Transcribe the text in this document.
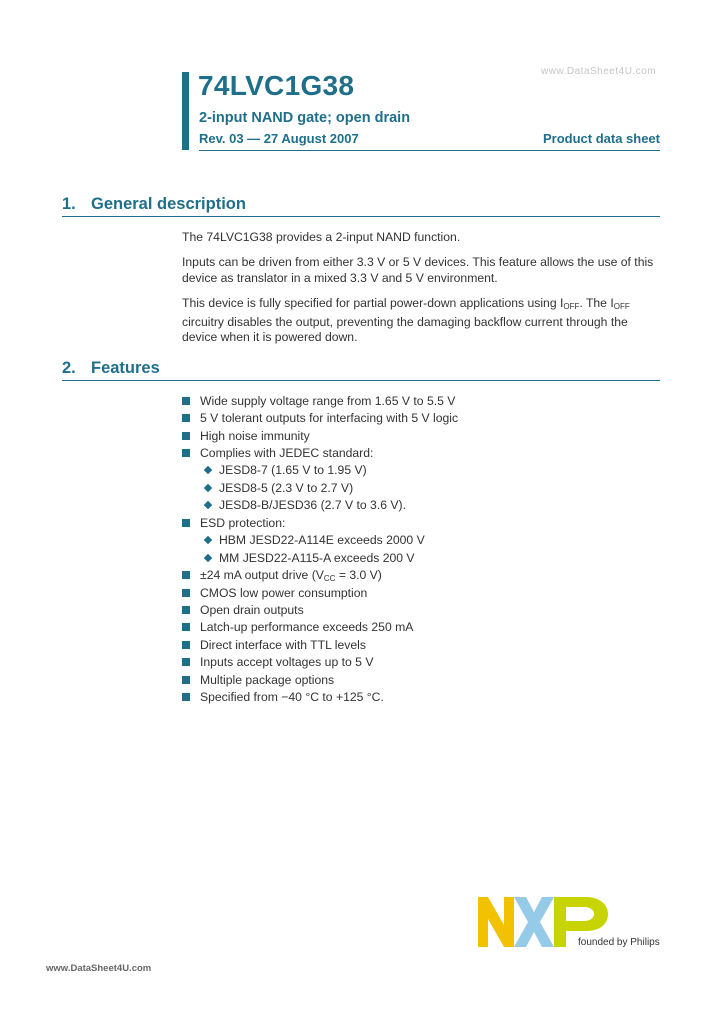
www.DataSheet4U.com
74LVC1G38
2-input NAND gate; open drain
Rev. 03 — 27 August 2007	Product data sheet
1. General description
The 74LVC1G38 provides a 2-input NAND function.
Inputs can be driven from either 3.3 V or 5 V devices. This feature allows the use of this device as translator in a mixed 3.3 V and 5 V environment.
This device is fully specified for partial power-down applications using $I_{OFF}$. The $I_{OFF}$ circuitry disables the output, preventing the damaging backflow current through the device when it is powered down.
2. Features
Wide supply voltage range from 1.65 V to 5.5 V
5 V tolerant outputs for interfacing with 5 V logic
High noise immunity
Complies with JEDEC standard:
JESD8-7 (1.65 V to 1.95 V)
JESD8-5 (2.3 V to 2.7 V)
JESD8-B/JESD36 (2.7 V to 3.6 V).
ESD protection:
HBM JESD22-A114E exceeds 2000 V
MM JESD22-A115-A exceeds 200 V
±24 mA output drive ($V_{CC} = 3.0$ V)
CMOS low power consumption
Open drain outputs
Latch-up performance exceeds 250 mA
Direct interface with TTL levels
Inputs accept voltages up to 5 V
Multiple package options
Specified from −40 °C to +125 °C.
founded by Philips
www.DataSheet4U.com
